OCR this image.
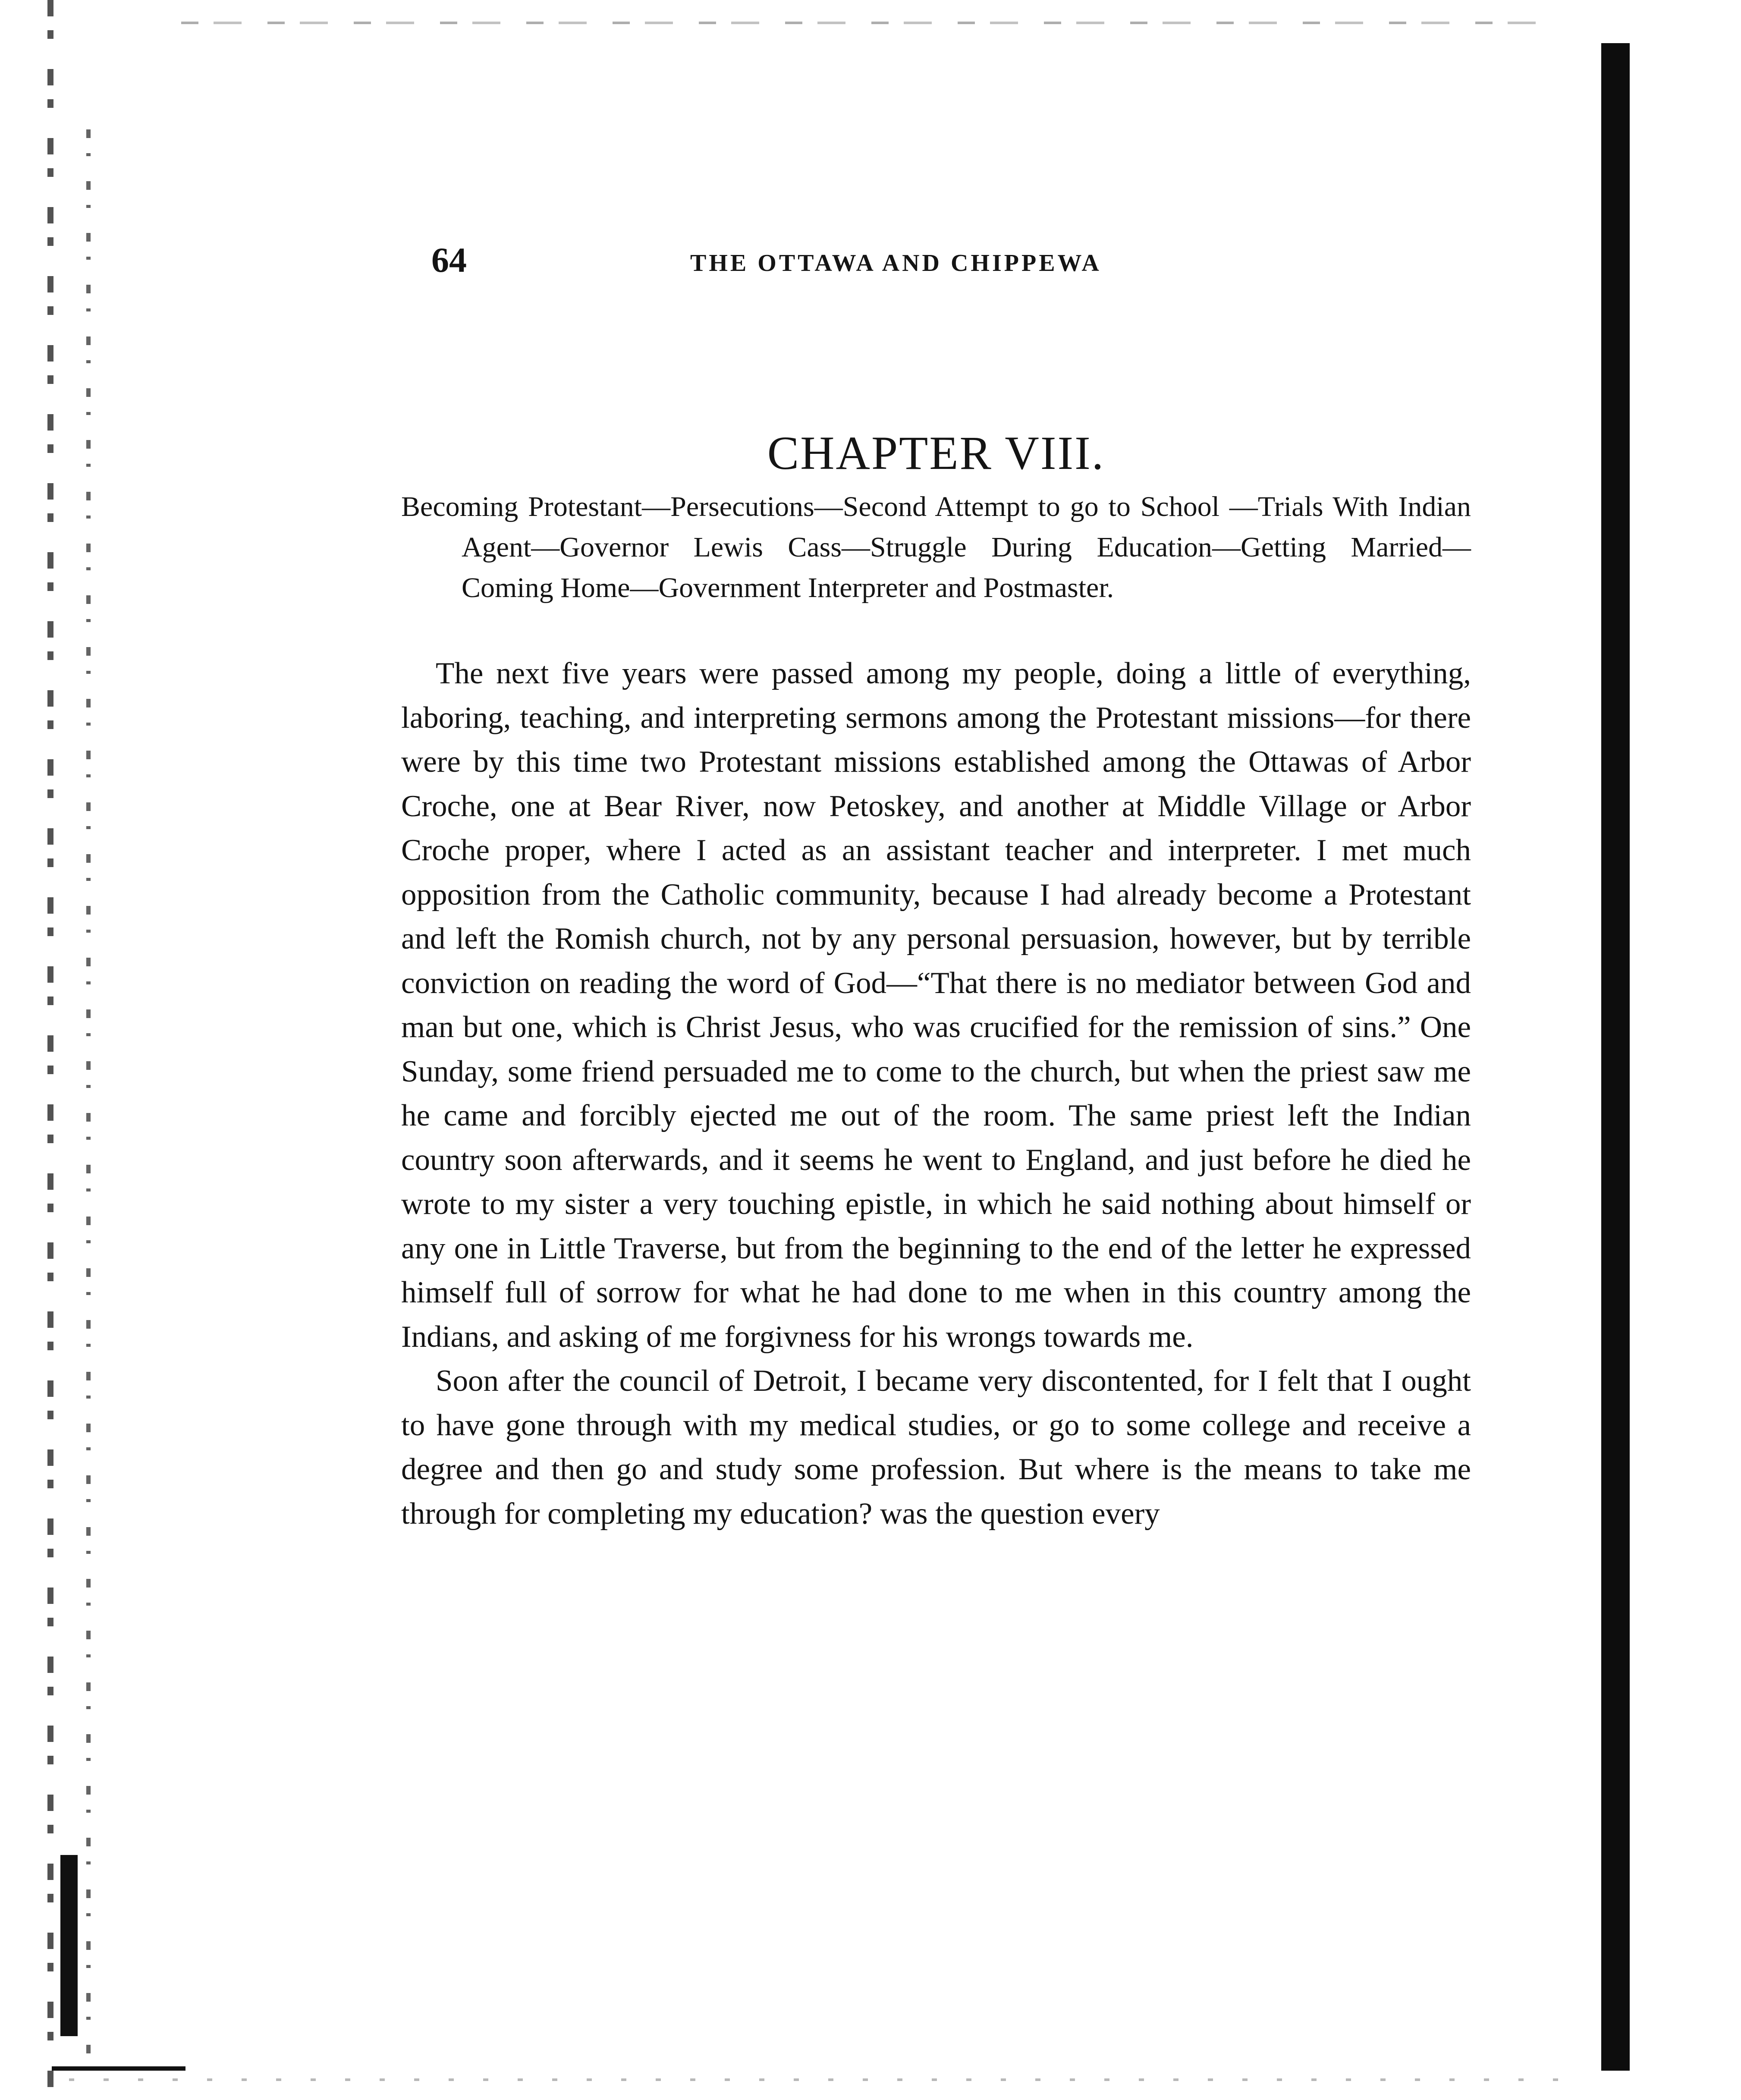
64	THE OTTAWA AND CHIPPEWA

CHAPTER VIII.

Becoming Protestant—Persecutions—Second Attempt to go to School —Trials With Indian Agent—Governor Lewis Cass—Struggle During Education—Getting Married—Coming Home—Government Interpreter and Postmaster.

The next five years were passed among my people, doing a little of everything, laboring, teaching, and interpreting sermons among the Protestant missions—for there were by this time two Protestant missions established among the Ottawas of Arbor Croche, one at Bear River, now Petoskey, and another at Middle Village or Arbor Croche proper, where I acted as an assistant teacher and interpreter. I met much opposition from the Catholic community, because I had already become a Protestant and left the Romish church, not by any personal persuasion, however, but by terrible conviction on reading the word of God—“That there is no mediator between God and man but one, which is Christ Jesus, who was crucified for the remission of sins.” One Sunday, some friend persuaded me to come to the church, but when the priest saw me he came and forcibly ejected me out of the room. The same priest left the Indian country soon afterwards, and it seems he went to England, and just before he died he wrote to my sister a very touching epistle, in which he said nothing about himself or any one in Little Traverse, but from the beginning to the end of the letter he expressed himself full of sorrow for what he had done to me when in this country among the Indians, and asking of me forgivness for his wrongs towards me.

Soon after the council of Detroit, I became very discontented, for I felt that I ought to have gone through with my medical studies, or go to some college and receive a degree and then go and study some profession. But where is the means to take me through for completing my education? was the question every
